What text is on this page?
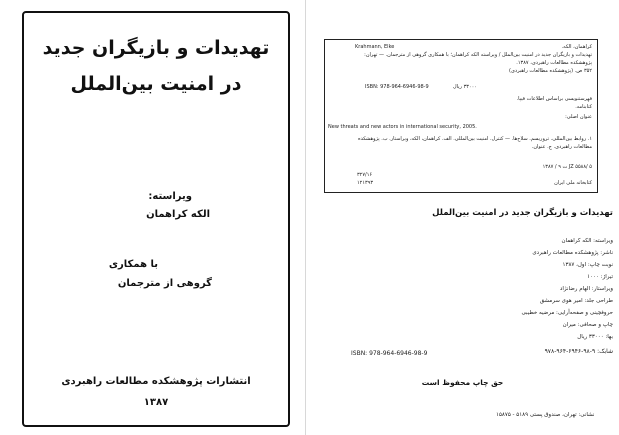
تهدیدات و بازیگران جدید
در امنیت بین‌الملل
ویراسته:
الکه کراهمان
با همکاری
گروهی از مترجمان
انتشارات پژوهشکده مطالعات راهبردی
۱۳۸۷
کراهمان، الکه.
Krahmann, Elke
تهدیدات و بازیگران جدید در امنیت بین‌الملل / ویراسته الکه کراهمان؛ با همکاری گروهی از مترجمان. — تهران:
پژوهشکده مطالعات راهبردی، ۱۳۸۷.
۳۵۲ ص. (پژوهشکده مطالعات راهبردی)
۳۳۰۰۰ ریال
ISBN: 978-964-6946-98-9
فهرستنویسی براساس اطلاعات فیپا.
کتابنامه.
عنوان اصلی:
New threats and new actors in international security, 2005.
۱. روابط بین‌المللی. تروریسم. سلاح‌ها. — کنترل. امنیت بین‌المللی. الف. کراهمان، الکه، ویراستار. ب. پژوهشکده
مطالعات راهبردی. ج. عنوان.
JZ ۵۵۸۸/ ۵ ت ۹ / ۱۳۸۷
۳۲۷/۱۶
کتابخانه ملی ایران
۱۲۱۳۹۳
تهدیدات و بازیگران جدید در امنیت بین‌الملل
ویراسته: الکه کراهمان
ناشر: پژوهشکده مطالعات راهبردی
نوبت چاپ: اول، ۱۳۸۷
تیراژ: ۱۰۰۰
ویراستار: الهام رضانژاد
طراحی جلد: امیر هوی سرمشق
حروفچینی و صفحه‌آرایی: مرضیه خطیبی
چاپ و صحافی: میران
بها: ۳۳۰۰۰ ریال
شابک: ۹-۹۸-۶۹۴۶-۹۶۴-۹۷۸
ISBN: 978-964-6946-98-9
حق چاپ محفوظ است
نشانی: تهران، صندوق پستی ۵۱۸۹ - ۱۵۸۷۵
